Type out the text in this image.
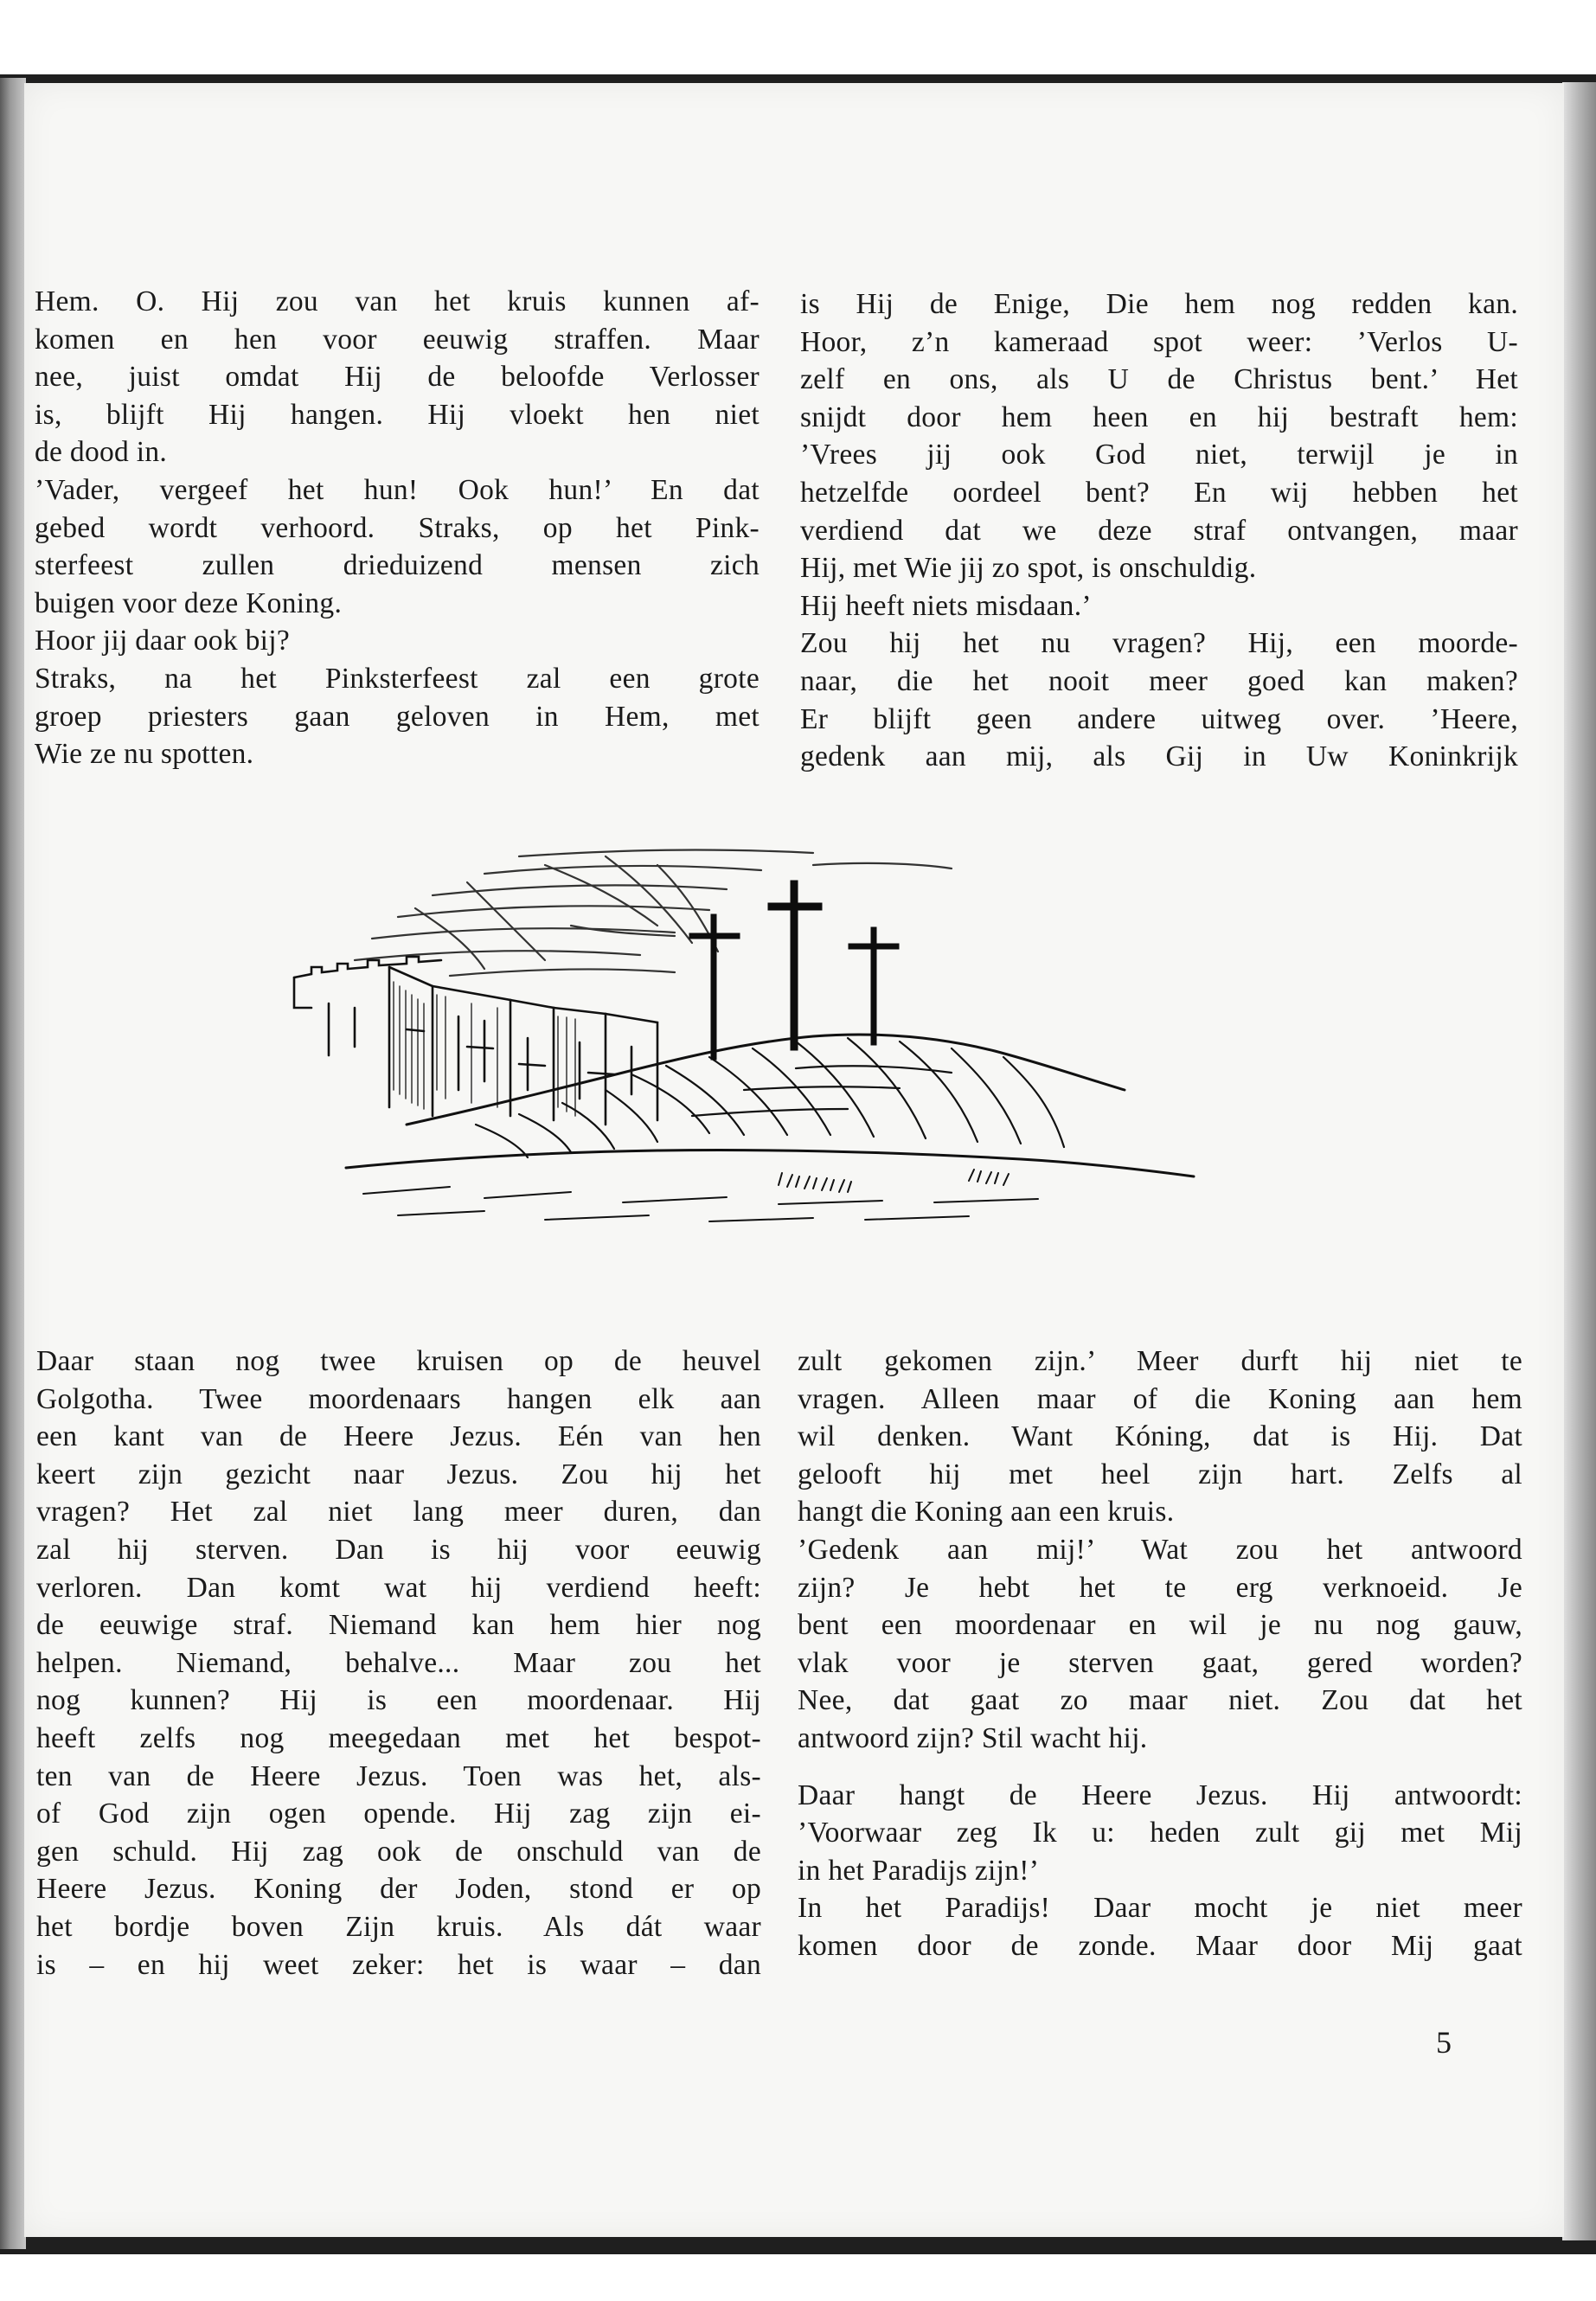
Hem. O. Hij zou van het kruis kunnen af-
komen en hen voor eeuwig straffen. Maar
nee, juist omdat Hij de beloofde Verlosser
is, blijft Hij hangen. Hij vloekt hen niet
de dood in.
’Vader, vergeef het hun! Ook hun!’ En dat
gebed wordt verhoord. Straks, op het Pink-
sterfeest zullen drieduizend mensen zich
buigen voor deze Koning.
Hoor jij daar ook bij?
Straks, na het Pinksterfeest zal een grote
groep priesters gaan geloven in Hem, met
Wie ze nu spotten.
is Hij de Enige, Die hem nog redden kan.
Hoor, z’n kameraad spot weer: ’Verlos U-
zelf en ons, als U de Christus bent.’ Het
snijdt door hem heen en hij bestraft hem:
’Vrees jij ook God niet, terwijl je in
hetzelfde oordeel bent? En wij hebben het
verdiend dat we deze straf ontvangen, maar
Hij, met Wie jij zo spot, is onschuldig.
Hij heeft niets misdaan.’
Zou hij het nu vragen? Hij, een moorde-
naar, die het nooit meer goed kan maken?
Er blijft geen andere uitweg over. ’Heere,
gedenk aan mij, als Gij in Uw Koninkrijk
Daar staan nog twee kruisen op de heuvel
Golgotha. Twee moordenaars hangen elk aan
een kant van de Heere Jezus. Eén van hen
keert zijn gezicht naar Jezus. Zou hij het
vragen? Het zal niet lang meer duren, dan
zal hij sterven. Dan is hij voor eeuwig
verloren. Dan komt wat hij verdiend heeft:
de eeuwige straf. Niemand kan hem hier nog
helpen. Niemand, behalve... Maar zou het
nog kunnen? Hij is een moordenaar. Hij
heeft zelfs nog meegedaan met het bespot-
ten van de Heere Jezus. Toen was het, als-
of God zijn ogen opende. Hij zag zijn ei-
gen schuld. Hij zag ook de onschuld van de
Heere Jezus. Koning der Joden, stond er op
het bordje boven Zijn kruis. Als dát waar
is – en hij weet zeker: het is waar – dan
zult gekomen zijn.’ Meer durft hij niet te
vragen. Alleen maar of die Koning aan hem
wil denken. Want Kóning, dat is Hij. Dat
gelooft hij met heel zijn hart. Zelfs al
hangt die Koning aan een kruis.
’Gedenk aan mij!’ Wat zou het antwoord
zijn? Je hebt het te erg verknoeid. Je
bent een moordenaar en wil je nu nog gauw,
vlak voor je sterven gaat, gered worden?
Nee, dat gaat zo maar niet. Zou dat het
antwoord zijn? Stil wacht hij.
Daar hangt de Heere Jezus. Hij antwoordt:
’Voorwaar zeg Ik u: heden zult gij met Mij
in het Paradijs zijn!’
In het Paradijs! Daar mocht je niet meer
komen door de zonde. Maar door Mij gaat
5
